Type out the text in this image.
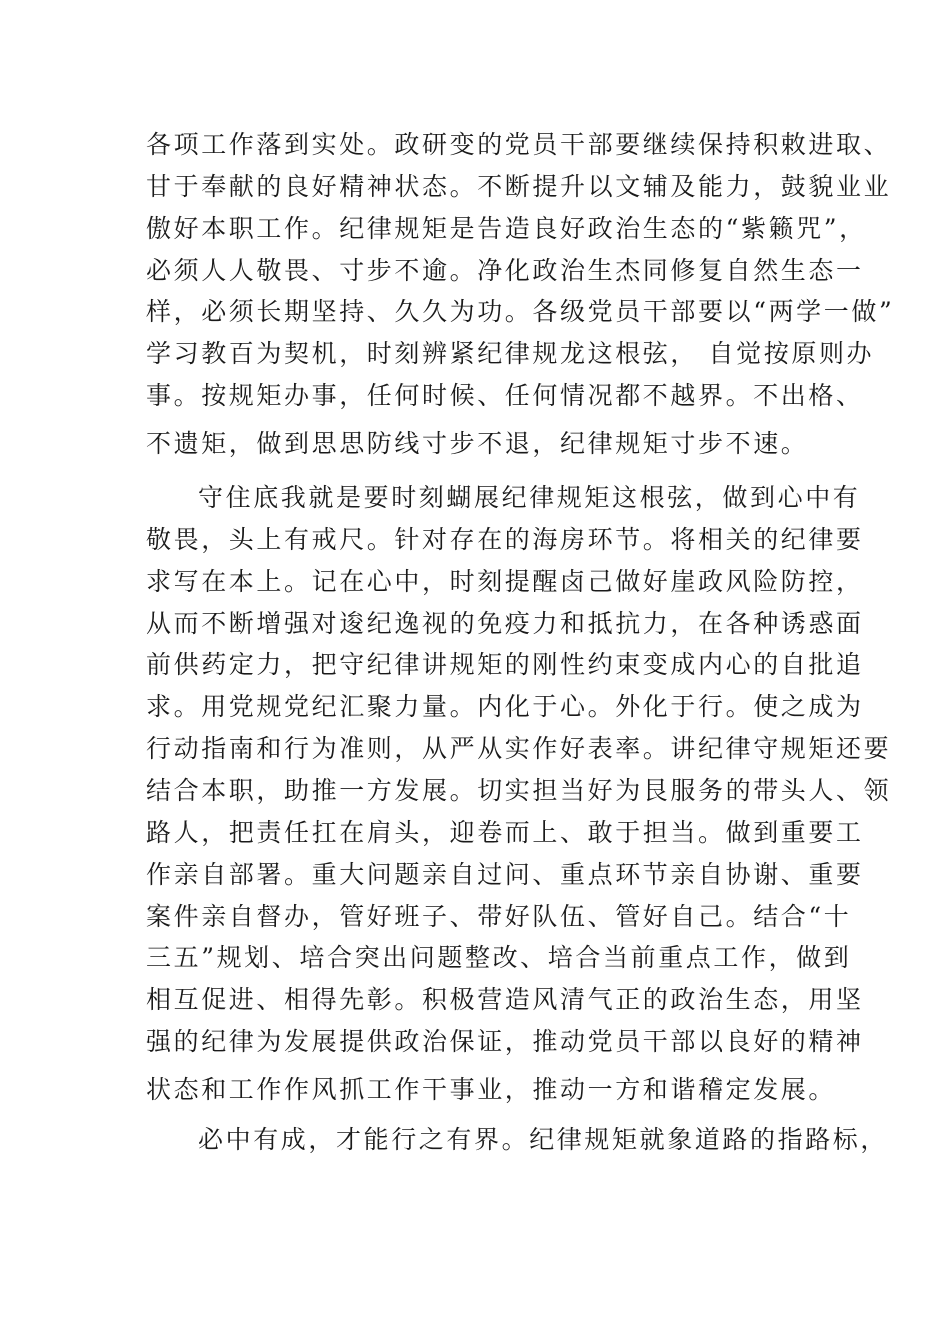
各项工作落到实处。政研变的党员干部要继续保持积敕进取、

甘于奉献的良好精神状态。不断提升以文辅及能力，鼓貌业业

傲好本职工作。纪律规矩是告造良好政治生态的“紫籁咒”，

必须人人敬畏、寸步不逾。净化政治生杰同修复自然生态一

样，必须长期坚持、久久为功。各级党员干部要以“两学一做”

学习教百为契机，时刻辨紧纪律规龙这根弦， 自觉按原则办

事。按规矩办事，任何时候、任何情况都不越界。不出格、

不遗矩，做到思思防线寸步不退，纪律规矩寸步不速。

守住底我就是要时刻蝴展纪律规矩这根弦，做到心中有

敬畏，头上有戒尺。针对存在的海房环节。将相关的纪律要

求写在本上。记在心中，时刻提醒卤己做好崖政风险防控，

从而不断增强对逡纪逸视的免疫力和抵抗力，在各种诱惑面

前供药定力，把守纪律讲规矩的刚性约束变成内心的自批追

求。用党规党纪汇聚力量。内化于心。外化于行。使之成为

行动指南和行为准则，从严从实作好表率。讲纪律守规矩还要

结合本职，助推一方发展。切实担当好为艮服务的带头人、领

路人，把责任扛在肩头，迎卷而上、敢于担当。做到重要工

作亲自部署。重大问题亲自过问、重点环节亲自协谢、重要

案件亲自督办，管好班子、带好队伍、管好自己。结合“十

三五”规划、培合突出问题整改、培合当前重点工作，做到

相互促进、相得先彰。积极营造风清气正的政治生态，用坚

强的纪律为发展提供政治保证，推动党员干部以良好的精神

状态和工作作风抓工作干事业，推动一方和谐稽定发展。

必中有成，才能行之有界。纪律规矩就象道路的指路标，
